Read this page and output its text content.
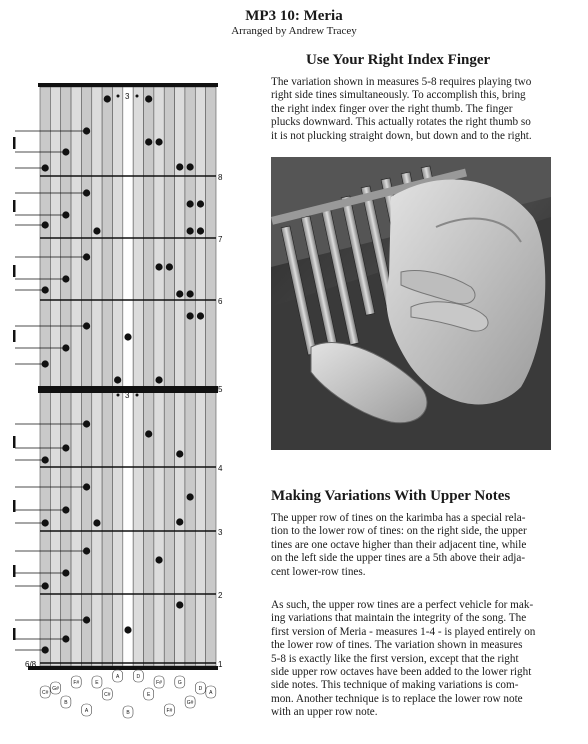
MP3 10: Meria
Arranged by Andrew Tracey
8
7
6
5
4
3
2
1
3
3
6/8
C#
G#
B
F#
A
E
C#
A
B
D
E
F#
F#
G
G#
D
A
Use Your Right Index Finger
The variation shown in measures 5-8 requires playing two
right side tines simultaneously. To accomplish this, bring
the right index finger over the right thumb. The finger
plucks downward. This actually rotates the right thumb so
it is not plucking straight down, but down and to the right.
Making Variations With Upper Notes
The upper row of tines on the karimba has a special rela-
tion to the lower row of tines: on the right side, the upper
tines are one octave higher than their adjacent tine, while
on the left side the upper tines are a 5th above their adja-
cent lower-row tines.
As such, the upper row tines are a perfect vehicle for mak-
ing variations that maintain the integrity of the song. The
first version of Meria - measures 1-4 - is played entirely on
the lower row of tines. The variation shown in measures
5-8 is exactly like the first version, except that the right
side upper row octaves have been added to the lower right
side notes. This technique of making variations is com-
mon. Another technique is to replace the lower row note
with an upper row note.
